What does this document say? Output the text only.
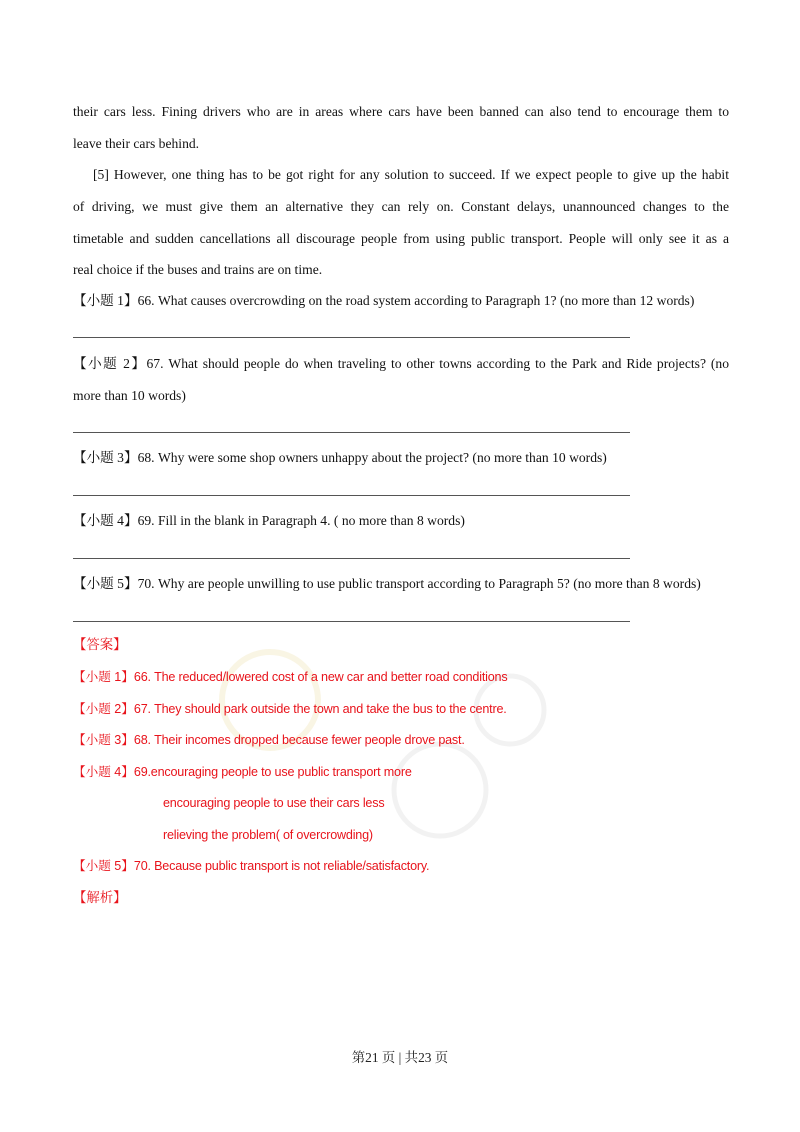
their cars less. Fining drivers who are in areas where cars have been banned can also tend to encourage them to
leave their cars behind.
[5] However, one thing has to be got right for any solution to succeed. If we expect people to give up the habit
of driving, we must give them an alternative they can rely on. Constant delays, unannounced changes to the
timetable and sudden cancellations all discourage people from using public transport. People will only see it as a
real choice if the buses and trains are on time.
【小题 1】66. What causes overcrowding on the road system according to Paragraph 1? (no more than 12 words)
【小题 2】67. What should people do when traveling to other towns according to the Park and Ride projects? (no
more than 10 words)
【小题 3】68. Why were some shop owners unhappy about the project? (no more than 10 words)
【小题 4】69. Fill in the blank in Paragraph 4. ( no more than 8 words)
【小题 5】70. Why are people unwilling to use public transport according to Paragraph 5? (no more than 8 words)
【答案】
【小题 1】66. The reduced/lowered cost of a new car and better road conditions
【小题 2】67. They should park outside the town and take the bus to the centre.
【小题 3】68. Their incomes dropped because fewer people drove past.
【小题 4】69.encouraging people to use public transport more
encouraging people to use their cars less
relieving the problem( of overcrowding)
【小题 5】70. Because public transport is not reliable/satisfactory.
【解析】
第21 页 | 共23 页
